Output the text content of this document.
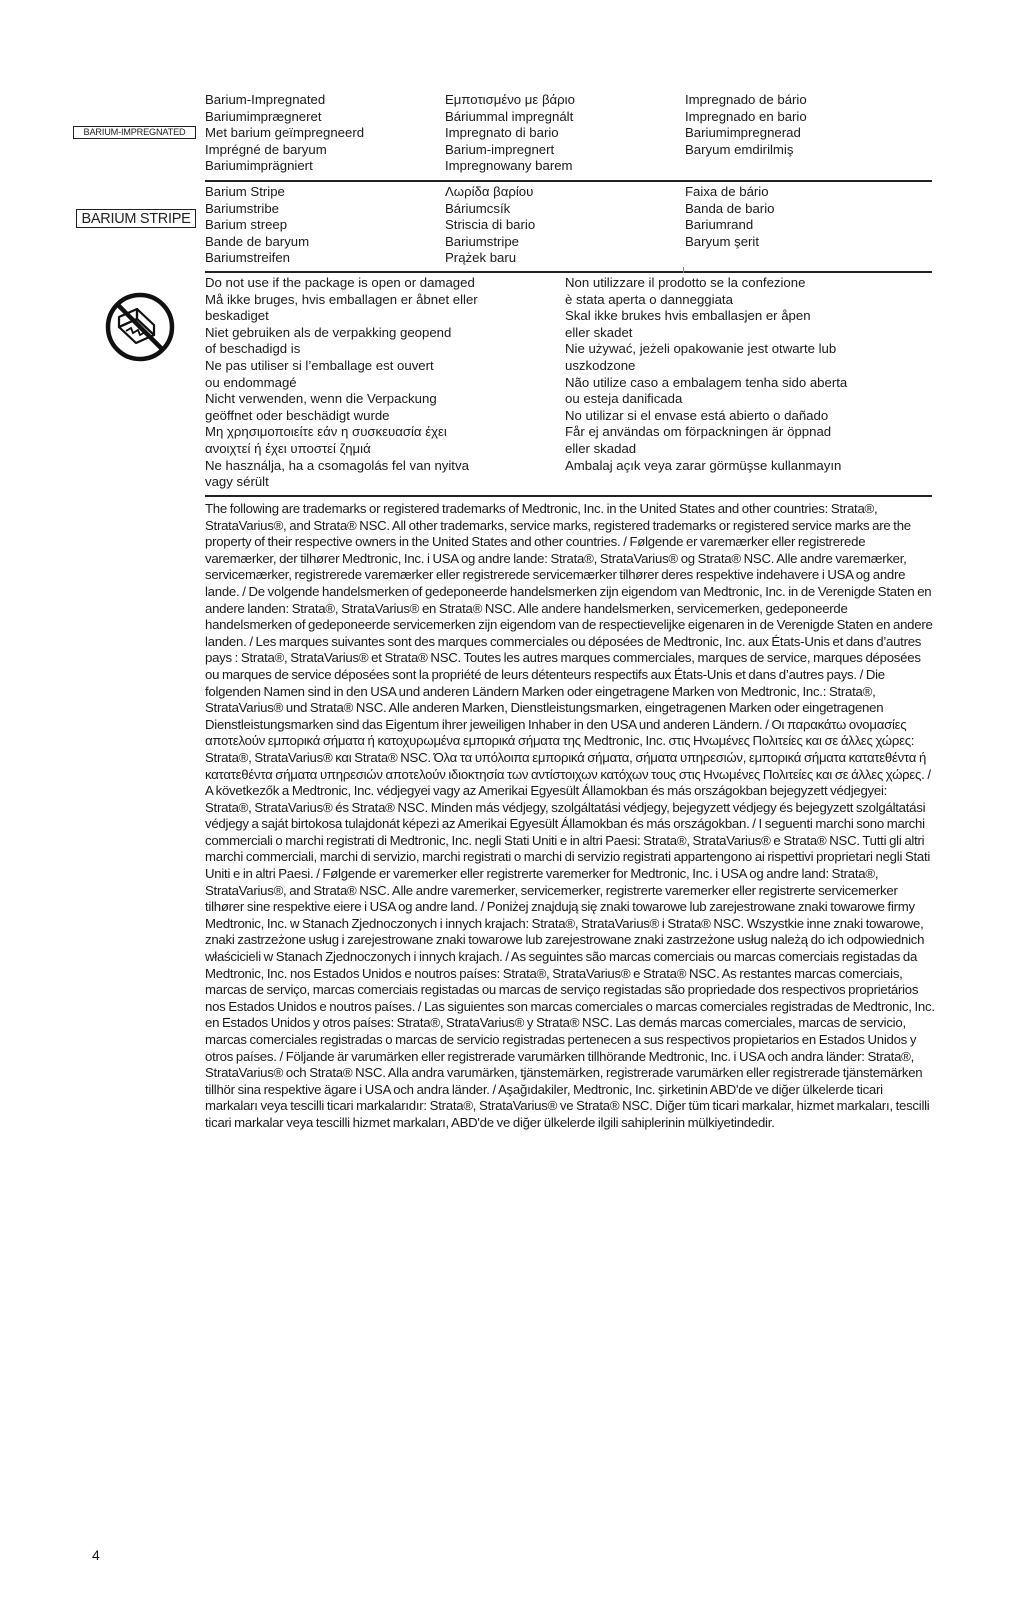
BARIUM-IMPREGNATED
Barium-Impregnated
Bariumimprægneret
Met barium geïmpregneerd
Imprégné de baryum
Bariumimprägniert
Εμποτισμένο με βάριο
Báriummal impregnált
Impregnato di bario
Barium-impregnert
Impregnowany barem
Impregnado de bário
Impregnado en bario
Bariumimpregnerad
Baryum emdirilmiş
BARIUM STRIPE
Barium Stripe
Bariumstribe
Barium streep
Bande de baryum
Bariumstreifen
Λωρίδα βαρίου
Báriumcsík
Striscia di bario
Bariumstripe
Prążek baru
Faixa de bário
Banda de bario
Bariumrand
Baryum şerit
Do not use if the package is open or damaged
Må ikke bruges, hvis emballagen er åbnet eller
beskadiget
Niet gebruiken als de verpakking geopend
of beschadigd is
Ne pas utiliser si l’emballage est ouvert
ou endommagé
Nicht verwenden, wenn die Verpackung
geöffnet oder beschädigt wurde
Μη χρησιμοποιείτε εάν η συσκευασία έχει
ανοιχτεί ή έχει υποστεί ζημιά
Ne használja, ha a csomagolás fel van nyitva
vagy sérült
Non utilizzare il prodotto se la confezione
è stata aperta o danneggiata
Skal ikke brukes hvis emballasjen er åpen
eller skadet
Nie używać, jeżeli opakowanie jest otwarte lub
uszkodzone
Não utilize caso a embalagem tenha sido aberta
ou esteja danificada
No utilizar si el envase está abierto o dañado
Får ej användas om förpackningen är öppnad
eller skadad
Ambalaj açık veya zarar görmüşse kullanmayın
The following are trademarks or registered trademarks of Medtronic, Inc. in the United States and other countries: Strata®, StrataVarius®, and Strata® NSC. All other trademarks, service marks, registered trademarks or registered service marks are the property of their respective owners in the United States and other countries. / Følgende er varemærker eller registrerede varemærker, der tilhører Medtronic, Inc. i USA og andre lande: Strata®, StrataVarius® og Strata® NSC. Alle andre varemærker, servicemærker, registrerede varemærker eller registrerede servicemærker tilhører deres respektive indehavere i USA og andre lande. / De volgende handelsmerken of gedeponeerde handelsmerken zijn eigendom van Medtronic, Inc. in de Verenigde Staten en andere landen: Strata®, StrataVarius® en Strata® NSC. Alle andere handelsmerken, servicemerken, gedeponeerde handelsmerken of gedeponeerde servicemerken zijn eigendom van de respectievelijke eigenaren in de Verenigde Staten en andere landen. / Les marques suivantes sont des marques commerciales ou déposées de Medtronic, Inc. aux États-Unis et dans d’autres pays : Strata®, StrataVarius® et Strata® NSC. Toutes les autres marques commerciales, marques de service, marques déposées ou marques de service déposées sont la propriété de leurs détenteurs respectifs aux États-Unis et dans d’autres pays. / Die folgenden Namen sind in den USA und anderen Ländern Marken oder eingetragene Marken von Medtronic, Inc.: Strata®, StrataVarius® und Strata® NSC. Alle anderen Marken, Dienstleistungsmarken, eingetragenen Marken oder eingetragenen Dienstleistungsmarken sind das Eigentum ihrer jeweiligen Inhaber in den USA und anderen Ländern. / Οι παρακάτω ονομασίες αποτελούν εμπορικά σήματα ή κατοχυρωμένα εμπορικά σήματα της Medtronic, Inc. στις Ηνωμένες Πολιτείες και σε άλλες χώρες: Strata®, StrataVarius® και Strata® NSC. Όλα τα υπόλοιπα εμπορικά σήματα, σήματα υπηρεσιών, εμπορικά σήματα κατατεθέντα ή κατατεθέντα σήματα υπηρεσιών αποτελούν ιδιοκτησία των αντίστοιχων κατόχων τους στις Ηνωμένες Πολιτείες και σε άλλες χώρες. / A következők a Medtronic, Inc. védjegyei vagy az Amerikai Egyesült Államokban és más országokban bejegyzett védjegyei: Strata®, StrataVarius® és Strata® NSC. Minden más védjegy, szolgáltatási védjegy, bejegyzett védjegy és bejegyzett szolgáltatási védjegy a saját birtokosa tulajdonát képezi az Amerikai Egyesült Államokban és más országokban. / I seguenti marchi sono marchi commerciali o marchi registrati di Medtronic, Inc. negli Stati Uniti e in altri Paesi: Strata®, StrataVarius® e Strata® NSC. Tutti gli altri marchi commerciali, marchi di servizio, marchi registrati o marchi di servizio registrati appartengono ai rispettivi proprietari negli Stati Uniti e in altri Paesi. / Følgende er varemerker eller registrerte varemerker for Medtronic, Inc. i USA og andre land: Strata®, StrataVarius®, and Strata® NSC. Alle andre varemerker, servicemerker, registrerte varemerker eller registrerte servicemerker tilhører sine respektive eiere i USA og andre land. / Poniżej znajdują się znaki towarowe lub zarejestrowane znaki towarowe firmy Medtronic, Inc. w Stanach Zjednoczonych i innych krajach: Strata®, StrataVarius® i Strata® NSC. Wszystkie inne znaki towarowe, znaki zastrzeżone usług i zarejestrowane znaki towarowe lub zarejestrowane znaki zastrzeżone usług należą do ich odpowiednich właścicieli w Stanach Zjednoczonych i innych krajach. / As seguintes são marcas comerciais ou marcas comerciais registadas da Medtronic, Inc. nos Estados Unidos e noutros países: Strata®, StrataVarius® e Strata® NSC. As restantes marcas comerciais, marcas de serviço, marcas comerciais registadas ou marcas de serviço registadas são propriedade dos respectivos proprietários nos Estados Unidos e noutros países. / Las siguientes son marcas comerciales o marcas comerciales registradas de Medtronic, Inc. en Estados Unidos y otros países: Strata®, StrataVarius® y Strata® NSC. Las demás marcas comerciales, marcas de servicio, marcas comerciales registradas o marcas de servicio registradas pertenecen a sus respectivos propietarios en Estados Unidos y otros países. / Följande är varumärken eller registrerade varumärken tillhörande Medtronic, Inc. i USA och andra länder: Strata®, StrataVarius® och Strata® NSC. Alla andra varumärken, tjänstemärken, registrerade varumärken eller registrerade tjänstemärken tillhör sina respektive ägare i USA och andra länder. / Aşağıdakiler, Medtronic, Inc. şirketinin ABD'de ve diğer ülkelerde ticari markaları veya tescilli ticari markalarıdır: Strata®, StrataVarius® ve Strata® NSC. Diğer tüm ticari markalar, hizmet markaları, tescilli ticari markalar veya tescilli hizmet markaları, ABD'de ve diğer ülkelerde ilgili sahiplerinin mülkiyetindedir.
4
